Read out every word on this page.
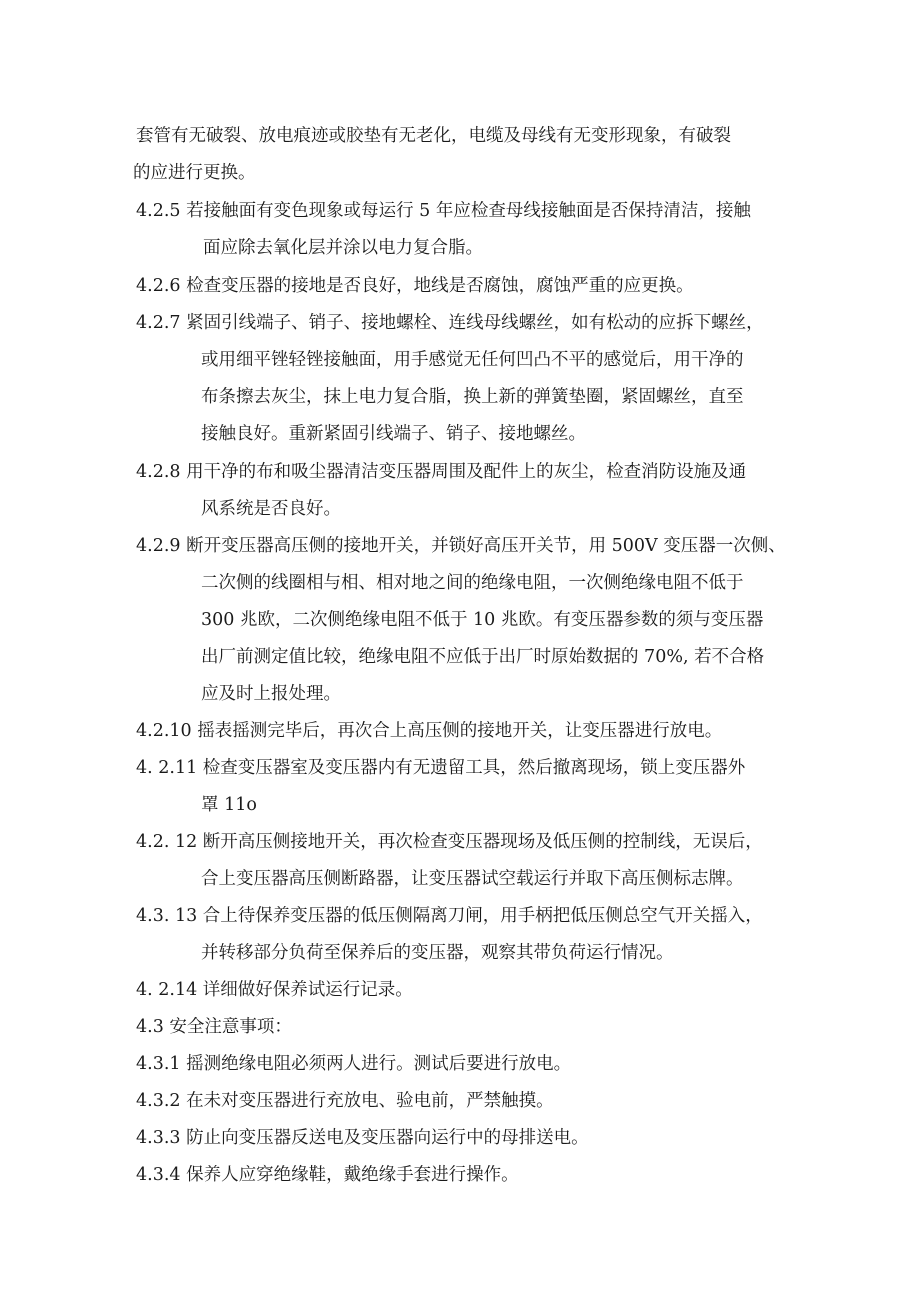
套管有无破裂、放电痕迹或胶垫有无老化，电缆及母线有无变形现象，有破裂
的应进行更换。
4.2.5 若接触面有变色现象或每运行 5 年应检查母线接触面是否保持清洁，接触
面应除去氧化层并涂以电力复合脂。
4.2.6 检查变压器的接地是否良好，地线是否腐蚀，腐蚀严重的应更换。
4.2.7 紧固引线端子、销子、接地螺栓、连线母线螺丝，如有松动的应拆下螺丝，
或用细平锉轻锉接触面，用手感觉无任何凹凸不平的感觉后，用干净的
布条擦去灰尘，抹上电力复合脂，换上新的弹簧垫圈，紧固螺丝，直至
接触良好。重新紧固引线端子、销子、接地螺丝。
4.2.8 用干净的布和吸尘器清洁变压器周围及配件上的灰尘，检查消防设施及通
风系统是否良好。
4.2.9 断开变压器高压侧的接地开关，并锁好高压开关节，用 500V 变压器一次侧、
二次侧的线圈相与相、相对地之间的绝缘电阻，一次侧绝缘电阻不低于
300 兆欧，二次侧绝缘电阻不低于 10 兆欧。有变压器参数的须与变压器
出厂前测定值比较，绝缘电阻不应低于出厂时原始数据的 70%, 若不合格
应及时上报处理。
4.2.10 摇表摇测完毕后，再次合上高压侧的接地开关，让变压器进行放电。
4. 2.11 检查变压器室及变压器内有无遗留工具，然后撤离现场，锁上变压器外
罩 11o
4.2. 12 断开高压侧接地开关，再次检查变压器现场及低压侧的控制线，无误后，
合上变压器高压侧断路器，让变压器试空载运行并取下高压侧标志牌。
4.3. 13 合上待保养变压器的低压侧隔离刀闸，用手柄把低压侧总空气开关摇入，
并转移部分负荷至保养后的变压器，观察其带负荷运行情况。
4. 2.14 详细做好保养试运行记录。
4.3 安全注意事项：
4.3.1 摇测绝缘电阻必须两人进行。测试后要进行放电。
4.3.2 在未对变压器进行充放电、验电前，严禁触摸。
4.3.3 防止向变压器反送电及变压器向运行中的母排送电。
4.3.4 保养人应穿绝缘鞋，戴绝缘手套进行操作。
